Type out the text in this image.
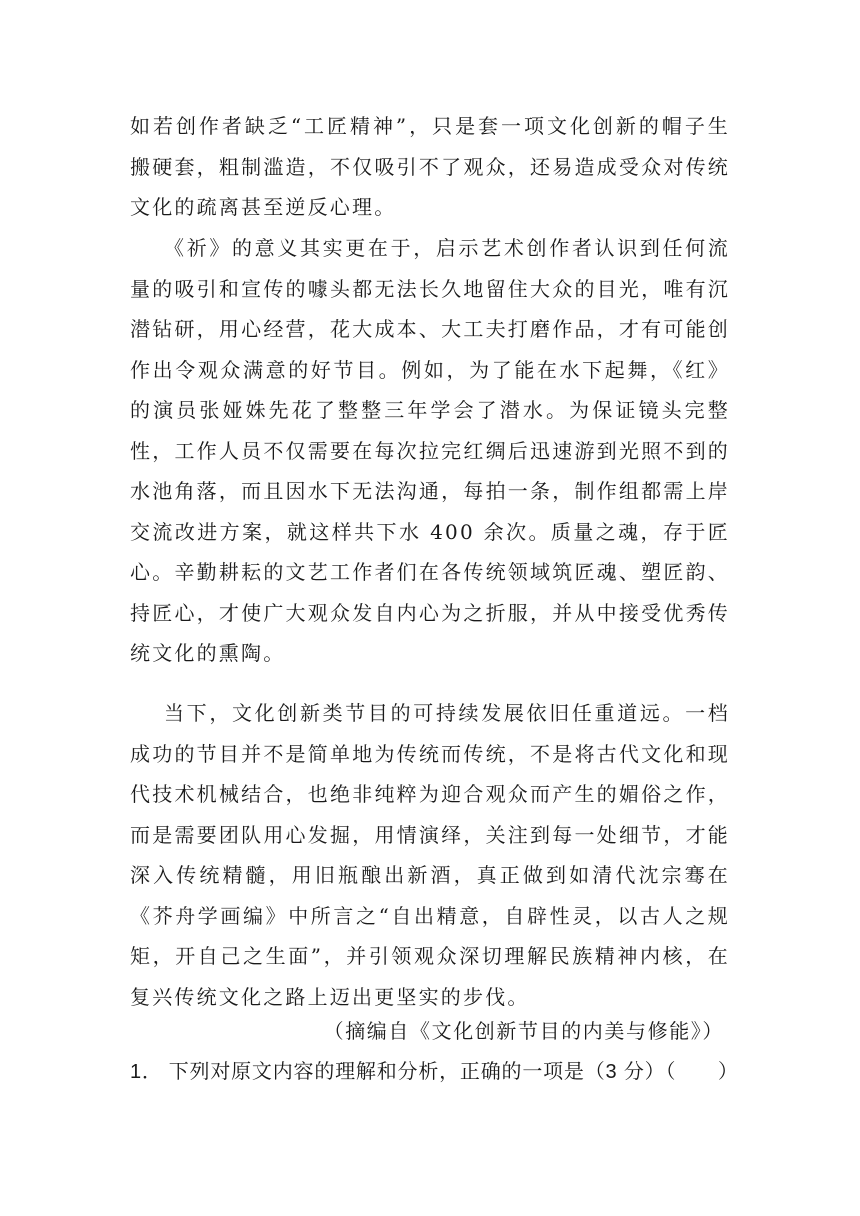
如若创作者缺乏“工匠精神”，只是套一项文化创新的帽子生搬硬套，粗制滥造，不仅吸引不了观众，还易造成受众对传统文化的疏离甚至逆反心理。

《祈》的意义其实更在于，启示艺术创作者认识到任何流量的吸引和宣传的噱头都无法长久地留住大众的目光，唯有沉潜钻研，用心经营，花大成本、大工夫打磨作品，才有可能创作出令观众满意的好节目。例如，为了能在水下起舞，《红》的演员张娅姝先花了整整三年学会了潜水。为保证镜头完整性，工作人员不仅需要在每次拉完红绸后迅速游到光照不到的水池角落，而且因水下无法沟通，每拍一条，制作组都需上岸交流改进方案，就这样共下水 400 余次。质量之魂，存于匠心。辛勤耕耘的文艺工作者们在各传统领域筑匠魂、塑匠韵、持匠心，才使广大观众发自内心为之折服，并从中接受优秀传统文化的熏陶。

当下，文化创新类节目的可持续发展依旧任重道远。一档成功的节目并不是简单地为传统而传统，不是将古代文化和现代技术机械结合，也绝非纯粹为迎合观众而产生的媚俗之作，而是需要团队用心发掘，用情演绎，关注到每一处细节，才能深入传统精髓，用旧瓶酿出新酒，真正做到如清代沈宗骞在《芥舟学画编》中所言之“自出精意，自辟性灵，以古人之规矩，开自己之生面”，并引领观众深切理解民族精神内核，在复兴传统文化之路上迈出更坚实的步伐。

（摘编自《文化创新节目的内美与修能》）

1． 下列对原文内容的理解和分析，正确的一项是（3 分）（　　）
